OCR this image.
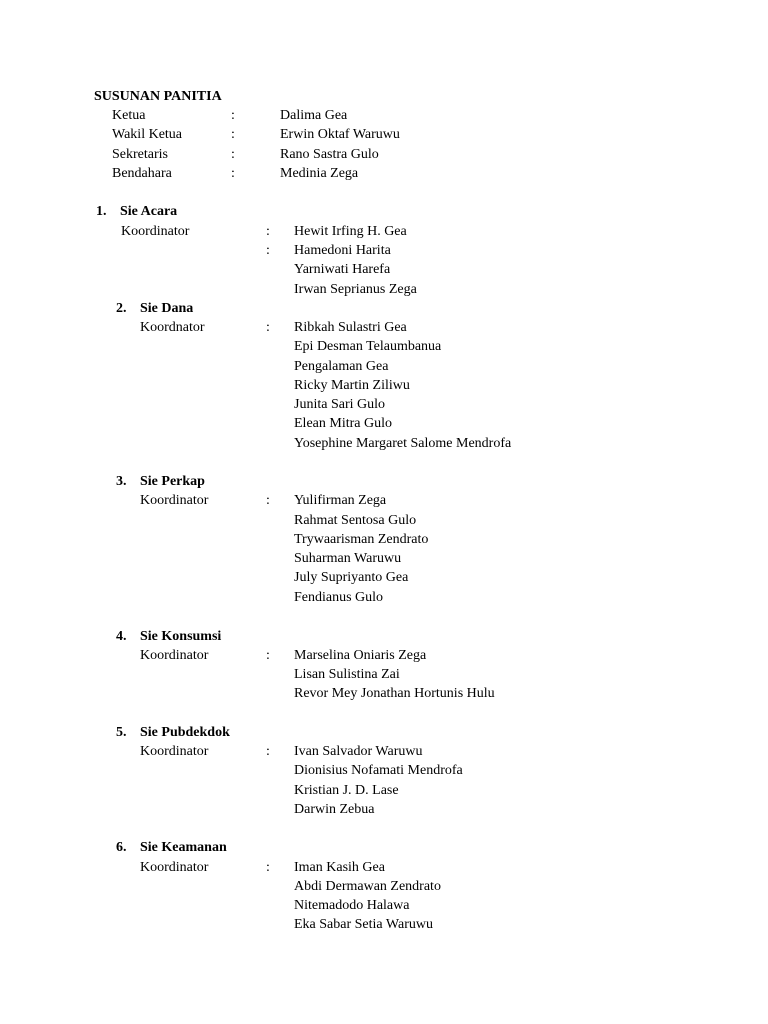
SUSUNAN PANITIA
Ketua	:	Dalima Gea
Wakil Ketua	:	Erwin Oktaf Waruwu
Sekretaris	:	Rano Sastra Gulo
Bendahara	:	Medinia Zega
1. Sie Acara
Koordinator	: Hewit Irfing H. Gea
: Hamedoni Harita
Yarniwati Harefa
Irwan Seprianus Zega
2. Sie Dana
Koordnator	: Ribkah Sulastri Gea
Epi Desman Telaumbanua
Pengalaman Gea
Ricky Martin Ziliwu
Junita Sari Gulo
Elean Mitra Gulo
Yosephine Margaret Salome Mendrofa
3. Sie Perkap
Koordinator	: Yulifirman Zega
Rahmat Sentosa Gulo
Trywaarisman Zendrato
Suharman Waruwu
July Supriyanto Gea
Fendianus Gulo
4. Sie Konsumsi
Koordinator	: Marselina Oniaris Zega
Lisan Sulistina Zai
Revor Mey Jonathan Hortunis Hulu
5. Sie Pubdekdok
Koordinator	: Ivan Salvador Waruwu
Dionisius Nofamati Mendrofa
Kristian J. D. Lase
Darwin Zebua
6. Sie Keamanan
Koordinator	: Iman Kasih Gea
Abdi Dermawan Zendrato
Nitemadodo Halawa
Eka Sabar Setia Waruwu
